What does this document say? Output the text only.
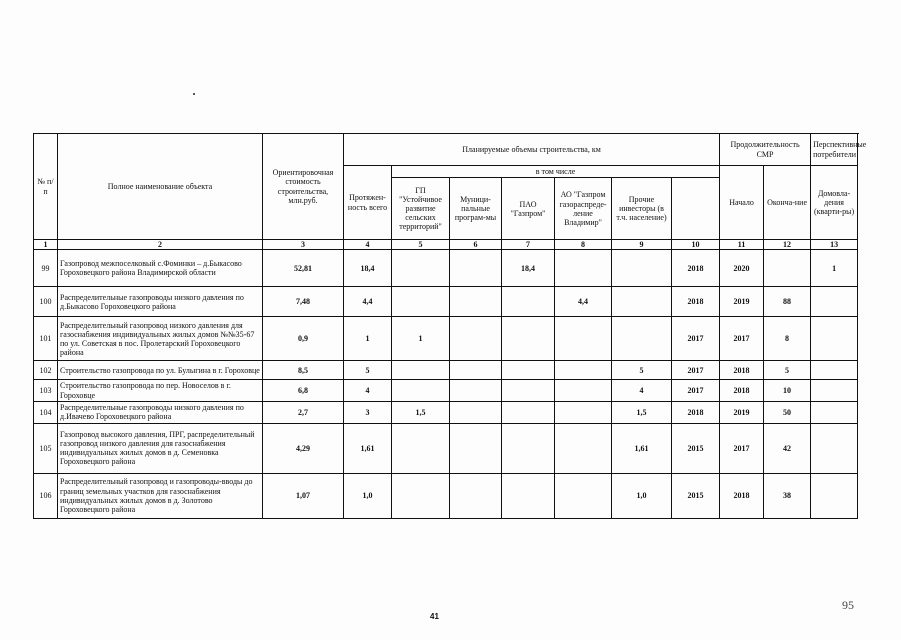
№ п/п	Полное наименование объекта	Ориентировочная стоимость строительства, млн.руб.	Планируемые объемы строительства, км							Продолжительность СМР		Перспективные потребители	
			Протяжен-ность всего	в том числе						Начало	Оконча-ние	Домовла-дения (кварти-ры)	
				ГП "Устойчивое развитие сельских территорий"	Муници-пальные програм-мы	ПАО "Газпром"	АО "Газпром газораспреде-ление Владимир"	Прочие инвесторы (в т.ч. население)					
1	2	3	4	5	6	7	8	9	10	11	12	13	
99	Газопровод межпоселковый с.Фоминки – д.Быкасово Гороховецкого района Владимирской области	52,81	18,4			18,4			2018	2020		1	
100	Распределительные газопроводы низкого давления по д.Быкасово Гороховецкого района	7,48	4,4				4,4		2018	2019	88		
101	Распределительный газопровод низкого давления для газоснабжения индивидуальных жилых домов №№35-67 по ул. Советская в пос. Пролетарский Гороховецкого района	0,9	1	1					2017	2017	8		
102	Строительство газопровода по ул. Булыгина в г. Гороховце	8,5	5					5	2017	2018	5		
103	Строительство газопровода по пер. Новоселов в г. Гороховце	6,8	4					4	2017	2018	10		
104	Распределительные газопроводы низкого давления по д.Ивачево Гороховецкого района	2,7	3	1,5				1,5	2018	2019	50		
105	Газопровод высокого давления, ПРГ, распределительный газопровод низкого давления для газоснабжения индивидуальных жилых домов в д. Семеновка Гороховецкого района	4,29	1,61					1,61	2015	2017	42		
106	Распределительный газопровод и газопроводы-вводы до границ земельных участков для газоснабжения индивидуальных жилых домов в д. Золотово Гороховецкого района	1,07	1,0					1,0	2015	2018	38		
41
95
